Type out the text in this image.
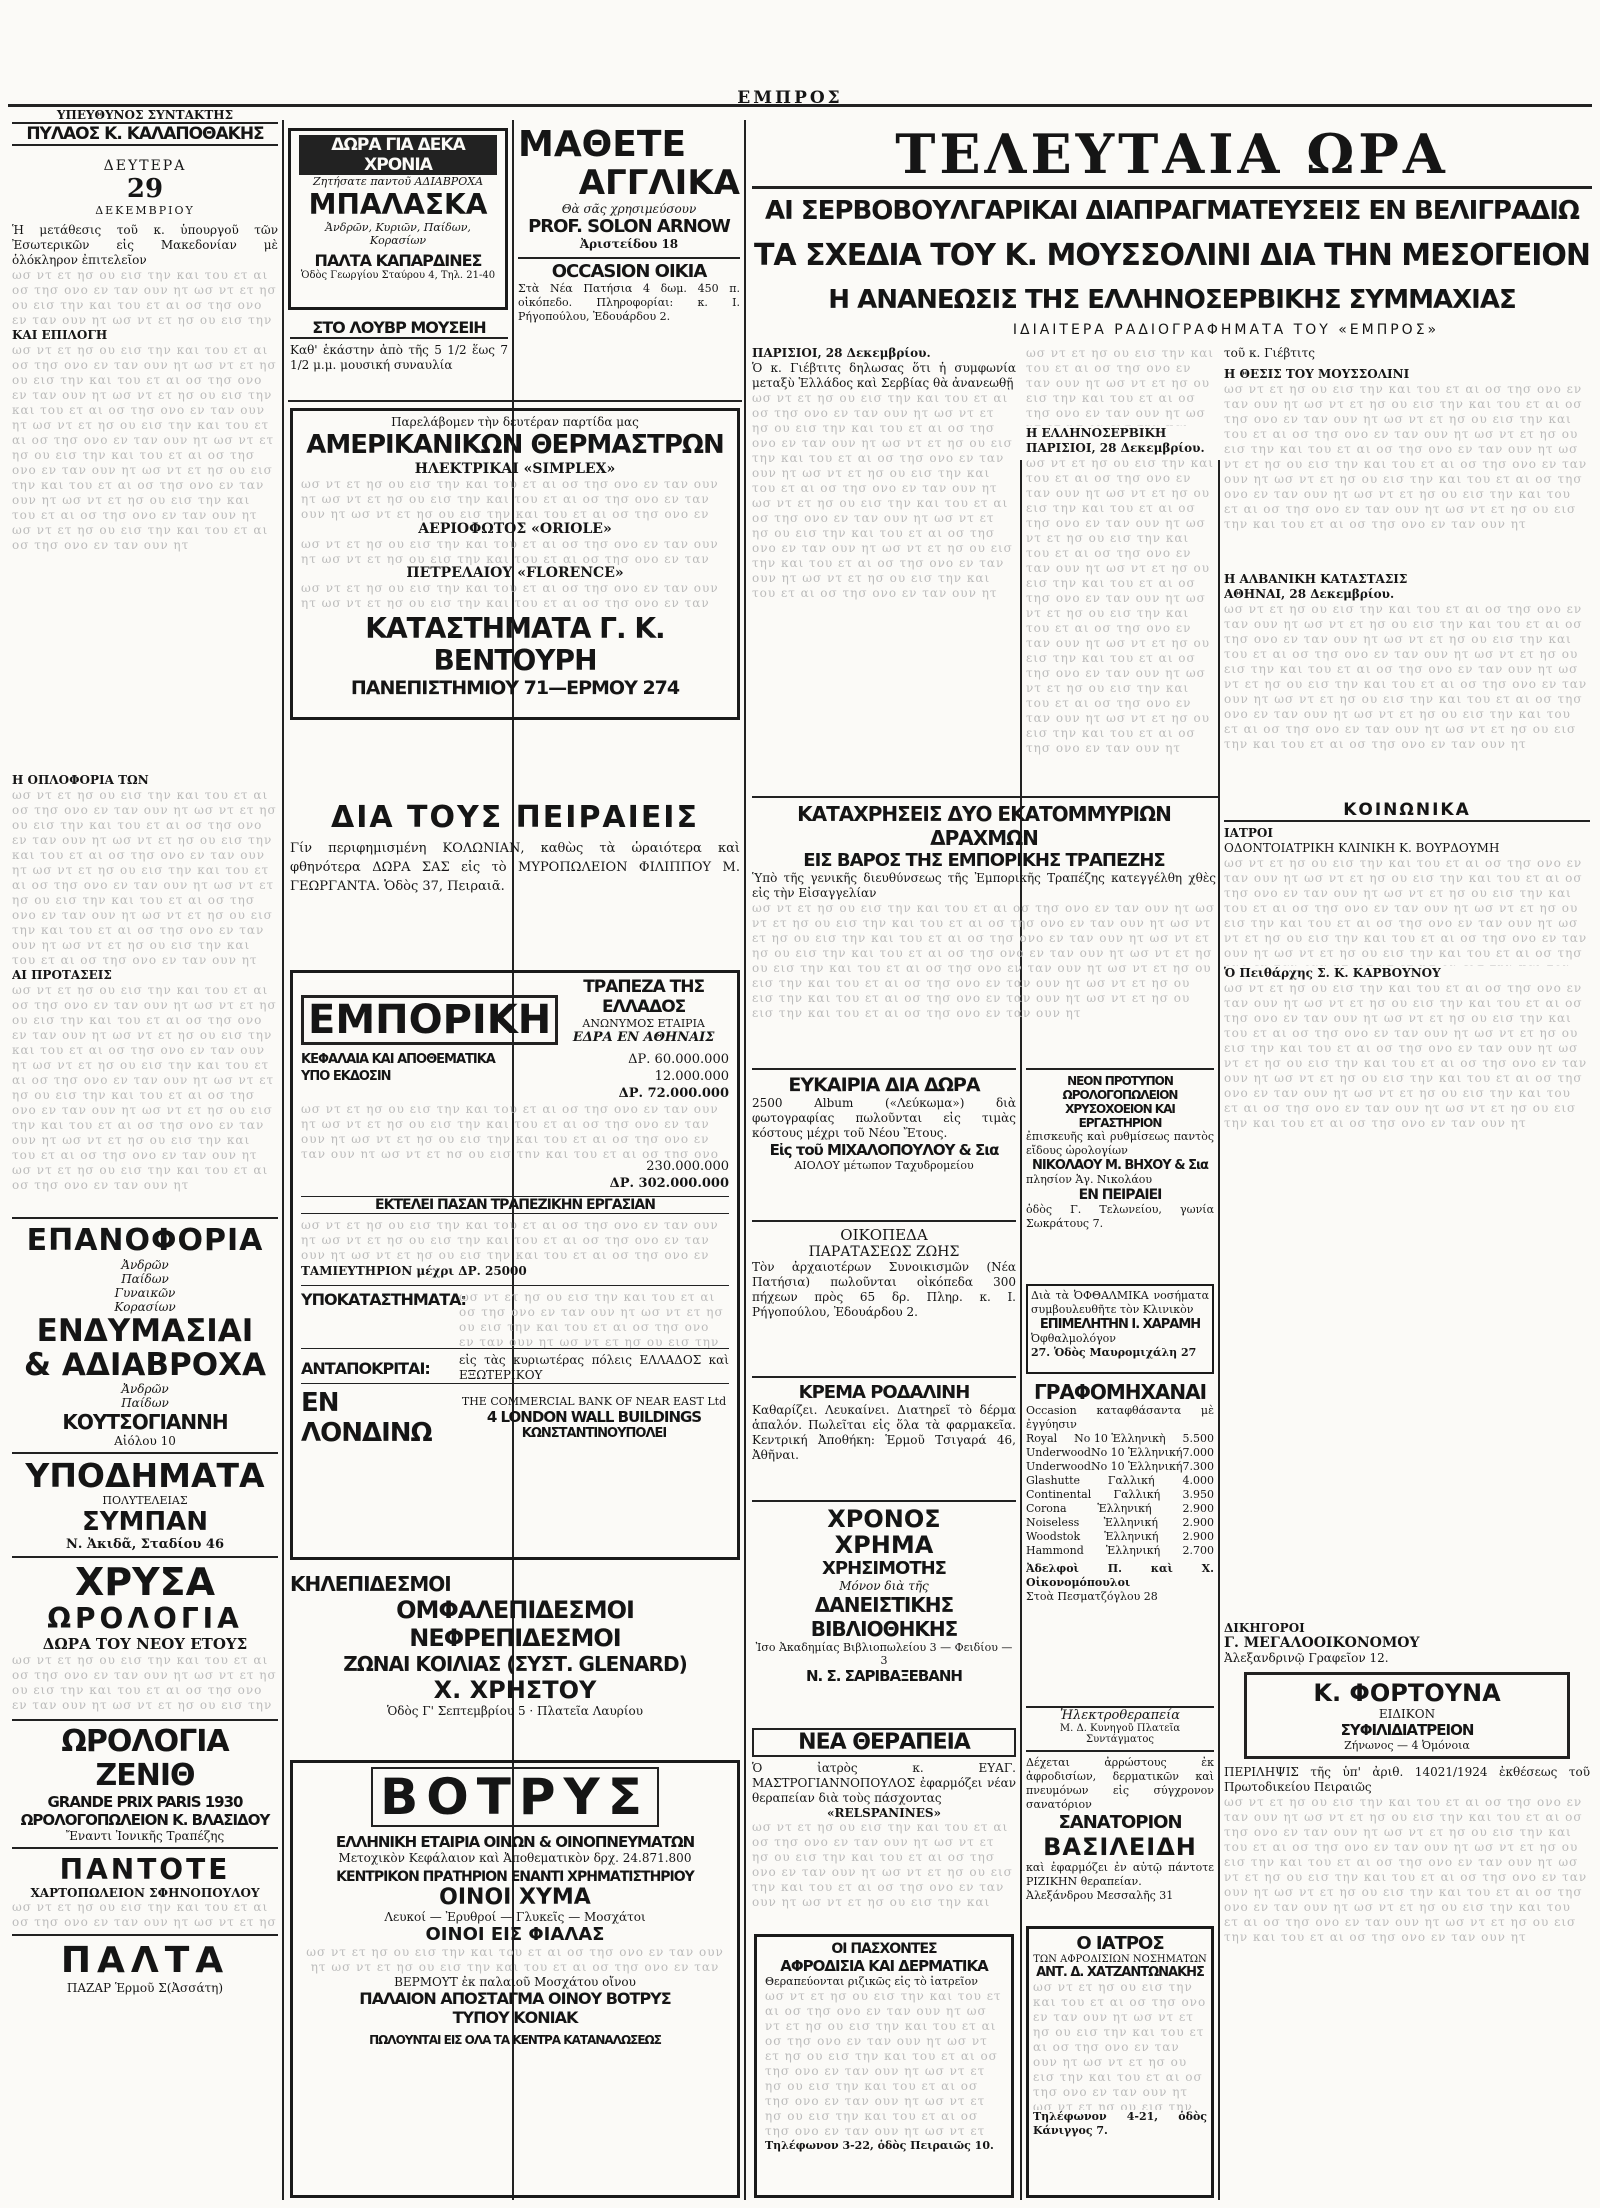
ΕΜΠΡΟΣ
ΥΠΕΥΘΥΝΟΣ ΣΥΝΤΑΚΤΗΣ
ΠΥΛΑΟΣ Κ. ΚΑΛΑΠΟΘΑΚΗΣ
ΔΕΥΤΕΡΑ
29
ΔΕΚΕΜΒΡΙΟΥ
Ἡ μετάθεσις τοῦ κ. ὑπουργοῦ τῶν Ἐσωτερικῶν εἰς Μακεδονίαν μὲ ὁλόκληρον ἐπιτελεῖον
ωσ ντ ετ ησ ου εισ την και του ετ αι οσ τησ ονο εν ταν ουν ητ ωσ ντ ετ ησ ου εισ την και του ετ αι οσ τησ ονο εν ταν ουν ητ ωσ ντ ετ ησ ου εισ την και του ετ αι οσ τησ ονο εν ταν ουν ητ ωσ ντ ετ ησ ου εισ την και του ετ αι οσ τησ ονο εν ταν ουν ητ ωσ ντ ετ ησ ου εισ την και του ετ αι οσ τησ ονο εν ταν ουν ητ ωσ ντ ετ ησ ου εισ την και του ετ αι οσ τησ ονο εν ταν ουν ητ ωσ ντ ετ ησ ου εισ την και του ετ αι οσ τησ ονο εν ταν ουν ητ ωσ ντ ετ ησ ου εισ την και του ετ αι οσ τησ ονο εν ταν ουν ητ
ΚΑΙ ΕΠΙΛΟΓΗ
ωσ ντ ετ ησ ου εισ την και του ετ αι οσ τησ ονο εν ταν ουν ητ ωσ ντ ετ ησ ου εισ την και του ετ αι οσ τησ ονο εν ταν ουν ητ ωσ ντ ετ ησ ου εισ την και του ετ αι οσ τησ ονο εν ταν ουν ητ ωσ ντ ετ ησ ου εισ την και του ετ αι οσ τησ ονο εν ταν ουν ητ ωσ ντ ετ ησ ου εισ την και του ετ αι οσ τησ ονο εν ταν ουν ητ ωσ ντ ετ ησ ου εισ την και του ετ αι οσ τησ ονο εν ταν ουν ητ ωσ ντ ετ ησ ου εισ την και του ετ αι οσ τησ ονο εν ταν ουν ητ ωσ ντ ετ ησ ου εισ την και του ετ αι οσ τησ ονο εν ταν ουν ητ
Η ΟΠΛΟΦΟΡΙΑ ΤΩΝ
ωσ ντ ετ ησ ου εισ την και του ετ αι οσ τησ ονο εν ταν ουν ητ ωσ ντ ετ ησ ου εισ την και του ετ αι οσ τησ ονο εν ταν ουν ητ ωσ ντ ετ ησ ου εισ την και του ετ αι οσ τησ ονο εν ταν ουν ητ ωσ ντ ετ ησ ου εισ την και του ετ αι οσ τησ ονο εν ταν ουν ητ ωσ ντ ετ ησ ου εισ την και του ετ αι οσ τησ ονο εν ταν ουν ητ ωσ ντ ετ ησ ου εισ την και του ετ αι οσ τησ ονο εν ταν ουν ητ ωσ ντ ετ ησ ου εισ την και του ετ αι οσ τησ ονο εν ταν ουν ητ ωσ ντ ετ ησ ου εισ την και του ετ αι οσ τησ ονο εν ταν ουν ητ
ΑΙ ΠΡΟΤΑΣΕΙΣ
ωσ ντ ετ ησ ου εισ την και του ετ αι οσ τησ ονο εν ταν ουν ητ ωσ ντ ετ ησ ου εισ την και του ετ αι οσ τησ ονο εν ταν ουν ητ ωσ ντ ετ ησ ου εισ την και του ετ αι οσ τησ ονο εν ταν ουν ητ ωσ ντ ετ ησ ου εισ την και του ετ αι οσ τησ ονο εν ταν ουν ητ ωσ ντ ετ ησ ου εισ την και του ετ αι οσ τησ ονο εν ταν ουν ητ ωσ ντ ετ ησ ου εισ την και του ετ αι οσ τησ ονο εν ταν ουν ητ ωσ ντ ετ ησ ου εισ την και του ετ αι οσ τησ ονο εν ταν ουν ητ ωσ ντ ετ ησ ου εισ την και του ετ αι οσ τησ ονο εν ταν ουν ητ
ΕΠΑΝΟΦΟΡΙΑ
Ἀνδρῶν
Παίδων
Γυναικῶν
Κορασίων
ΕΝΔΥΜΑΣΙΑΙ
& ΑΔΙΑΒΡΟΧΑ
Ἀνδρῶν
Παίδων
ΚΟΥΤΣΟΓΙΑΝΝΗ
Αἰόλου 10
ΥΠΟΔΗΜΑΤΑ
ΠΟΛΥΤΕΛΕΙΑΣ
ΣΥΜΠΑΝ
Ν. Ἀκιδᾶ, Σταδίου 46
ΧΡΥΣΑ
ΩΡΟΛΟΓΙΑ
ΔΩΡΑ ΤΟΥ ΝΕΟΥ ΕΤΟΥΣ
ωσ ντ ετ ησ ου εισ την και του ετ αι οσ τησ ονο εν ταν ουν ητ ωσ ντ ετ ησ ου εισ την και του ετ αι οσ τησ ονο εν ταν ουν ητ ωσ ντ ετ ησ ου εισ την και του ετ αι οσ τησ ονο εν ταν ουν ητ ωσ ντ ετ ησ ου εισ την και του ετ αι οσ τησ ονο εν ταν ουν ητ ωσ ντ ετ ησ ου εισ την και του ετ αι οσ τησ ονο εν ταν ουν ητ ωσ ντ ετ ησ ου εισ την και του ετ αι οσ τησ ονο εν ταν ουν ητ ωσ ντ ετ ησ ου εισ την και του ετ αι οσ τησ ονο εν ταν ουν ητ ωσ ντ ετ ησ ου εισ την και του ετ αι οσ τησ ονο εν ταν ουν ητ
ΩΡΟΛΟΓΙΑ ΖΕΝΙΘ
GRANDE PRIX PARIS 1930
ΩΡΟΛΟΓΟΠΩΛΕΙΟΝ Κ. ΒΛΑΣΙΔΟΥ
Ἔναντι Ἰονικῆς Τραπέζης
ΠΑΝΤΟΤΕ
ΧΑΡΤΟΠΩΛΕΙΟΝ ΣΦΗΝΟΠΟΥΛΟΥ
ωσ ντ ετ ησ ου εισ την και του ετ αι οσ τησ ονο εν ταν ουν ητ ωσ ντ ετ ησ ου εισ την και του ετ αι οσ τησ ονο εν ταν ουν ητ ωσ ντ ετ ησ ου εισ την και του ετ αι οσ τησ ονο εν ταν ουν ητ ωσ ντ ετ ησ ου εισ την και του ετ αι οσ τησ ονο εν ταν ουν ητ ωσ ντ ετ ησ ου εισ την και του ετ αι οσ τησ ονο εν ταν ουν ητ ωσ ντ ετ ησ ου εισ την και του ετ αι οσ τησ ονο εν ταν ουν ητ ωσ ντ ετ ησ ου εισ την και του ετ αι οσ τησ ονο εν ταν ουν ητ ωσ ντ ετ ησ ου εισ την και του ετ αι οσ τησ ονο εν ταν ουν ητ
ΠΑΛΤΑ
ΠΑΖΑΡ Ἑρμοῦ Σ(Ἀσσάτη)
ΔΩΡΑ ΓΙΑ ΔΕΚΑ ΧΡΟΝΙΑ
Ζητήσατε παντοῦ ΑΔΙΑΒΡΟΧΑ
ΜΠΑΛΑΣΚΑ
Ἀνδρῶν, Κυριῶν, Παίδων, Κορασίων
ΠΑΛΤΑ ΚΑΠΑΡΔΙΝΕΣ
Ὁδὸς Γεωργίου Σταύρου 4, Τηλ. 21-40
ΣΤΟ ΛΟΥΒΡ ΜΟΥΣΕΙΗ
Καθ' ἑκάστην ἀπὸ τῆς 5 1/2 ἕως 7 1/2 μ.μ. μουσική συναυλία
Παρελάβομεν τὴν δευτέραν παρτίδα μας
ΑΜΕΡΙΚΑΝΙΚΩΝ ΘΕΡΜΑΣΤΡΩΝ
ΗΛΕΚΤΡΙΚΑΙ «SIMPLEX»
ωσ ντ ετ ησ ου εισ την και του ετ αι οσ τησ ονο εν ταν ουν ητ ωσ ντ ετ ησ ου εισ την και του ετ αι οσ τησ ονο εν ταν ουν ητ ωσ ντ ετ ησ ου εισ την και του ετ αι οσ τησ ονο εν ταν ουν ητ ωσ ντ ετ ησ ου εισ την και του ετ αι οσ τησ ονο εν ταν ουν ητ ωσ ντ ετ ησ ου εισ την και του ετ αι οσ τησ ονο εν ταν ουν ητ ωσ ντ ετ ησ ου εισ την και του ετ αι οσ τησ ονο εν ταν ουν ητ ωσ ντ ετ ησ ου εισ την και του ετ αι οσ τησ ονο εν ταν ουν ητ ωσ ντ ετ ησ ου εισ την και του ετ αι οσ τησ ονο εν ταν ουν ητ
ΑΕΡΙΟΦΩΤΟΣ «ORIOLE»
ωσ ντ ετ ησ ου εισ την και του ετ αι οσ τησ ονο εν ταν ουν ητ ωσ ντ ετ ησ ου εισ την και του ετ αι οσ τησ ονο εν ταν ουν ητ ωσ ντ ετ ησ ου εισ την και του ετ αι οσ τησ ονο εν ταν ουν ητ ωσ ντ ετ ησ ου εισ την και του ετ αι οσ τησ ονο εν ταν ουν ητ ωσ ντ ετ ησ ου εισ την και του ετ αι οσ τησ ονο εν ταν ουν ητ ωσ ντ ετ ησ ου εισ την και του ετ αι οσ τησ ονο εν ταν ουν ητ ωσ ντ ετ ησ ου εισ την και του ετ αι οσ τησ ονο εν ταν ουν ητ ωσ ντ ετ ησ ου εισ την και του ετ αι οσ τησ ονο εν ταν ουν ητ
ΠΕΤΡΕΛΑΙΟΥ «FLORENCE»
ωσ ντ ετ ησ ου εισ την και του ετ αι οσ τησ ονο εν ταν ουν ητ ωσ ντ ετ ησ ου εισ την και του ετ αι οσ τησ ονο εν ταν ουν ητ ωσ ντ ετ ησ ου εισ την και του ετ αι οσ τησ ονο εν ταν ουν ητ ωσ ντ ετ ησ ου εισ την και του ετ αι οσ τησ ονο εν ταν ουν ητ ωσ ντ ετ ησ ου εισ την και του ετ αι οσ τησ ονο εν ταν ουν ητ ωσ ντ ετ ησ ου εισ την και του ετ αι οσ τησ ονο εν ταν ουν ητ ωσ ντ ετ ησ ου εισ την και του ετ αι οσ τησ ονο εν ταν ουν ητ ωσ ντ ετ ησ ου εισ την και του ετ αι οσ τησ ονο εν ταν ουν ητ
ΚΑΤΑΣΤΗΜΑΤΑ Γ. Κ. ΒΕΝΤΟΥΡΗ
ΠΑΝΕΠΙΣΤΗΜΙΟΥ 71—ΕΡΜΟΥ 274
ΔΙΑ ΤΟΥΣ ΠΕΙΡΑΙΕΙΣ
Γίν περιφημισμένη ΚΟΛΩΝΙΑΝ, καθὼς τὰ ὡραιότερα καὶ φθηνότερα ΔΩΡΑ ΣΑΣ εἰς τὸ ΜΥΡΟΠΩΛΕΙΟΝ ΦΙΛΙΠΠΟΥ Μ. ΓΕΩΡΓΑΝΤΑ. Ὁδὸς 37, Πειραιᾶ.
ΕΜΠΟΡΙΚΗ
ΤΡΑΠΕΖΑ ΤΗΣ ΕΛΛΑΔΟΣ
ΑΝΩΝΥΜΟΣ ΕΤΑΙΡΙΑ
ΕΔΡΑ ΕΝ ΑΘΗΝΑΙΣ
ΚΕΦΑΛΑΙΑ ΚΑΙ ΑΠΟΘΕΜΑΤΙΚΑ	ΔΡ. 60.000.000
ΥΠΟ ΕΚΔΟΣΙΝ	12.000.000
ΔΡ. 72.000.000
ωσ ντ ετ ησ ου εισ την και του ετ αι οσ τησ ονο εν ταν ουν ητ ωσ ντ ετ ησ ου εισ την και του ετ αι οσ τησ ονο εν ταν ουν ητ ωσ ντ ετ ησ ου εισ την και του ετ αι οσ τησ ονο εν ταν ουν ητ ωσ ντ ετ ησ ου εισ την και του ετ αι οσ τησ ονο εν ταν ουν ητ ωσ ντ ετ ησ ου εισ την και του ετ αι οσ τησ ονο εν ταν ουν ητ ωσ ντ ετ ησ ου εισ την και του ετ αι οσ τησ ονο εν ταν ουν ητ ωσ ντ ετ ησ ου εισ την και του ετ αι οσ τησ ονο εν ταν ουν ητ ωσ ντ ετ ησ ου εισ την και του ετ αι οσ τησ ονο εν ταν ουν ητ
230.000.000
ΔΡ. 302.000.000
ΕΚΤΕΛΕΙ ΠΑΣΑΝ ΤΡΑΠΕΖΙΚΗΝ ΕΡΓΑΣΙΑΝ
ωσ ντ ετ ησ ου εισ την και του ετ αι οσ τησ ονο εν ταν ουν ητ ωσ ντ ετ ησ ου εισ την και του ετ αι οσ τησ ονο εν ταν ουν ητ ωσ ντ ετ ησ ου εισ την και του ετ αι οσ τησ ονο εν ταν ουν ητ ωσ ντ ετ ησ ου εισ την και του ετ αι οσ τησ ονο εν ταν ουν ητ ωσ ντ ετ ησ ου εισ την και του ετ αι οσ τησ ονο εν ταν ουν ητ ωσ ντ ετ ησ ου εισ την και του ετ αι οσ τησ ονο εν ταν ουν ητ ωσ ντ ετ ησ ου εισ την και του ετ αι οσ τησ ονο εν ταν ουν ητ ωσ ντ ετ ησ ου εισ την και του ετ αι οσ τησ ονο εν ταν ουν ητ
ΤΑΜΙΕΥΤΗΡΙΟΝ μέχρι ΔΡ. 25000
ΥΠΟΚΑΤΑΣΤΗΜΑΤΑ:
ωσ ντ ετ ησ ου εισ την και του ετ αι οσ τησ ονο εν ταν ουν ητ ωσ ντ ετ ησ ου εισ την και του ετ αι οσ τησ ονο εν ταν ουν ητ ωσ ντ ετ ησ ου εισ την και του ετ αι οσ τησ ονο εν ταν ουν ητ ωσ ντ ετ ησ ου εισ την και του ετ αι οσ τησ ονο εν ταν ουν ητ ωσ ντ ετ ησ ου εισ την και του ετ αι οσ τησ ονο εν ταν ουν ητ ωσ ντ ετ ησ ου εισ την και του ετ αι οσ τησ ονο εν ταν ουν ητ ωσ ντ ετ ησ ου εισ την και του ετ αι οσ τησ ονο εν ταν ουν ητ ωσ ντ ετ ησ ου εισ την και του ετ αι οσ τησ ονο εν ταν ουν ητ
ΑΝΤΑΠΟΚΡΙΤΑΙ:	εἰς τὰς κυριωτέρας πόλεις ΕΛΛΑΔΟΣ καὶ ΕΞΩΤΕΡΙΚΟΥ
ΕΝ ΛΟΝΔΙΝΩ
THE COMMERCIAL BANK OF NEAR EAST Ltd
4 LONDON WALL BUILDINGS
ΚΩΝΣΤΑΝΤΙΝΟΥΠΟΛΕΙ
ΚΗΛΕΠΙΔΕΣΜΟΙ
ΟΜΦΑΛΕΠΙΔΕΣΜΟΙ
ΝΕΦΡΕΠΙΔΕΣΜΟΙ
ΖΩΝΑΙ ΚΟΙΛΙΑΣ (ΣΥΣΤ. GLENARD)
Χ. ΧΡΗΣΤΟΥ
Ὁδὸς Γ' Σεπτεμβρίου 5 · Πλατεῖα Λαυρίου
ΒΟΤΡΥΣ
ΕΛΛΗΝΙΚΗ ΕΤΑΙΡΙΑ ΟΙΝΩΝ & ΟΙΝΟΠΝΕΥΜΑΤΩΝ
Μετοχικὸν Κεφάλαιον καὶ Ἀποθεματικὸν δρχ. 24.871.800
ΚΕΝΤΡΙΚΟΝ ΠΡΑΤΗΡΙΟΝ ΕΝΑΝΤΙ ΧΡΗΜΑΤΙΣΤΗΡΙΟΥ
ΟΙΝΟΙ ΧΥΜΑ
Λευκοί — Ἐρυθροί — Γλυκεῖς — Μοσχάτοι
ΟΙΝΟΙ ΕΙΣ ΦΙΑΛΑΣ
ωσ ντ ετ ησ ου εισ την και του ετ αι οσ τησ ονο εν ταν ουν ητ ωσ ντ ετ ησ ου εισ την και του ετ αι οσ τησ ονο εν ταν ουν ητ ωσ ντ ετ ησ ου εισ την και του ετ αι οσ τησ ονο εν ταν ουν ητ ωσ ντ ετ ησ ου εισ την και του ετ αι οσ τησ ονο εν ταν ουν ητ ωσ ντ ετ ησ ου εισ την και του ετ αι οσ τησ ονο εν ταν ουν ητ ωσ ντ ετ ησ ου εισ την και του ετ αι οσ τησ ονο εν ταν ουν ητ ωσ ντ ετ ησ ου εισ την και του ετ αι οσ τησ ονο εν ταν ουν ητ ωσ ντ ετ ησ ου εισ την και του ετ αι οσ τησ ονο εν ταν ουν ητ
ΒΕΡΜΟΥΤ ἐκ παλαιοῦ Μοσχάτου οἴνου
ΠΑΛΑΙΟΝ ΑΠΟΣΤΑΓΜΑ ΟΙΝΟΥ ΒΟΤΡΥΣ
ΤΥΠΟΥ ΚΟΝΙΑΚ
ΠΩΛΟΥΝΤΑΙ ΕΙΣ ΟΛΑ ΤΑ ΚΕΝΤΡΑ ΚΑΤΑΝΑΛΩΣΕΩΣ
ΜΑΘΕΤΕ
ΑΓΓΛΙΚΑ
Θὰ σᾶς χρησιμεύσουν
PROF. SOLON ARNOW
Ἀριστείδου 18
OCCASION ΟΙΚΙΑ
Στὰ Νέα Πατήσια 4 δωμ. 450 π. οἰκόπεδο. Πληροφορίαι: κ. Ι. Ρήγοπούλου, Ἐδουάρδου 2.
ΤΕΛΕΥΤΑΙΑ ΩΡΑ
ΑΙ ΣΕΡΒΟΒΟΥΛΓΑΡΙΚΑΙ ΔΙΑΠΡΑΓΜΑΤΕΥΣΕΙΣ ΕΝ ΒΕΛΙΓΡΑΔΙΩ
ΤΑ ΣΧΕΔΙΑ ΤΟΥ Κ. ΜΟΥΣΣΟΛΙΝΙ ΔΙΑ ΤΗΝ ΜΕΣΟΓΕΙΟΝ
Η ΑΝΑΝΕΩΣΙΣ ΤΗΣ ΕΛΛΗΝΟΣΕΡΒΙΚΗΣ ΣΥΜΜΑΧΙΑΣ
ΙΔΙΑΙΤΕΡΑ ΡΑΔΙΟΓΡΑΦΗΜΑΤΑ ΤΟΥ «ΕΜΠΡΟΣ»
ΠΑΡΙΣΙΟΙ, 28 Δεκεμβρίου.
Ὁ κ. Γιέβτιτς δηλωσας ὅτι ἡ συμφωνία μεταξὺ Ἑλλάδος καὶ Σερβίας θὰ ἀνανεωθῇ
ωσ ντ ετ ησ ου εισ την και του ετ αι οσ τησ ονο εν ταν ουν ητ ωσ ντ ετ ησ ου εισ την και του ετ αι οσ τησ ονο εν ταν ουν ητ ωσ ντ ετ ησ ου εισ την και του ετ αι οσ τησ ονο εν ταν ουν ητ ωσ ντ ετ ησ ου εισ την και του ετ αι οσ τησ ονο εν ταν ουν ητ ωσ ντ ετ ησ ου εισ την και του ετ αι οσ τησ ονο εν ταν ουν ητ ωσ ντ ετ ησ ου εισ την και του ετ αι οσ τησ ονο εν ταν ουν ητ ωσ ντ ετ ησ ου εισ την και του ετ αι οσ τησ ονο εν ταν ουν ητ ωσ ντ ετ ησ ου εισ την και του ετ αι οσ τησ ονο εν ταν ουν ητ
ωσ ντ ετ ησ ου εισ την και του ετ αι οσ τησ ονο εν ταν ουν ητ ωσ ντ ετ ησ ου εισ την και του ετ αι οσ τησ ονο εν ταν ουν ητ ωσ ντ ετ ησ ου εισ την και του ετ αι οσ τησ ονο εν ταν ουν ητ ωσ ντ ετ ησ ου εισ την και του ετ αι οσ τησ ονο εν ταν ουν ητ ωσ ντ ετ ησ ου εισ την και του ετ αι οσ τησ ονο εν ταν ουν ητ ωσ ντ ετ ησ ου εισ την και του ετ αι οσ τησ ονο εν ταν ουν ητ ωσ ντ ετ ησ ου εισ την και του ετ αι οσ τησ ονο εν ταν ουν ητ ωσ ντ ετ ησ ου εισ την και του ετ αι οσ τησ ονο εν ταν ουν ητ
Η ΕΛΛΗΝΟΣΕΡΒΙΚΗ
ΠΑΡΙΣΙΟΙ, 28 Δεκεμβρίου.
ωσ ντ ετ ησ ου εισ την και του ετ αι οσ τησ ονο εν ταν ουν ητ ωσ ντ ετ ησ ου εισ την και του ετ αι οσ τησ ονο εν ταν ουν ητ ωσ ντ ετ ησ ου εισ την και του ετ αι οσ τησ ονο εν ταν ουν ητ ωσ ντ ετ ησ ου εισ την και του ετ αι οσ τησ ονο εν ταν ουν ητ ωσ ντ ετ ησ ου εισ την και του ετ αι οσ τησ ονο εν ταν ουν ητ ωσ ντ ετ ησ ου εισ την και του ετ αι οσ τησ ονο εν ταν ουν ητ ωσ ντ ετ ησ ου εισ την και του ετ αι οσ τησ ονο εν ταν ουν ητ ωσ ντ ετ ησ ου εισ την και του ετ αι οσ τησ ονο εν ταν ουν ητ
τοῦ κ. Γιέβτιτς
Η ΘΕΣΙΣ ΤΟΥ ΜΟΥΣΣΟΛΙΝΙ
ωσ ντ ετ ησ ου εισ την και του ετ αι οσ τησ ονο εν ταν ουν ητ ωσ ντ ετ ησ ου εισ την και του ετ αι οσ τησ ονο εν ταν ουν ητ ωσ ντ ετ ησ ου εισ την και του ετ αι οσ τησ ονο εν ταν ουν ητ ωσ ντ ετ ησ ου εισ την και του ετ αι οσ τησ ονο εν ταν ουν ητ ωσ ντ ετ ησ ου εισ την και του ετ αι οσ τησ ονο εν ταν ουν ητ ωσ ντ ετ ησ ου εισ την και του ετ αι οσ τησ ονο εν ταν ουν ητ ωσ ντ ετ ησ ου εισ την και του ετ αι οσ τησ ονο εν ταν ουν ητ ωσ ντ ετ ησ ου εισ την και του ετ αι οσ τησ ονο εν ταν ουν ητ
Η ΑΛΒΑΝΙΚΗ ΚΑΤΑΣΤΑΣΙΣ
ΑΘΗΝΑΙ, 28 Δεκεμβρίου.
ωσ ντ ετ ησ ου εισ την και του ετ αι οσ τησ ονο εν ταν ουν ητ ωσ ντ ετ ησ ου εισ την και του ετ αι οσ τησ ονο εν ταν ουν ητ ωσ ντ ετ ησ ου εισ την και του ετ αι οσ τησ ονο εν ταν ουν ητ ωσ ντ ετ ησ ου εισ την και του ετ αι οσ τησ ονο εν ταν ουν ητ ωσ ντ ετ ησ ου εισ την και του ετ αι οσ τησ ονο εν ταν ουν ητ ωσ ντ ετ ησ ου εισ την και του ετ αι οσ τησ ονο εν ταν ουν ητ ωσ ντ ετ ησ ου εισ την και του ετ αι οσ τησ ονο εν ταν ουν ητ ωσ ντ ετ ησ ου εισ την και του ετ αι οσ τησ ονο εν ταν ουν ητ
ΚΑΤΑΧΡΗΣΕΙΣ ΔΥΟ ΕΚΑΤΟΜΜΥΡΙΩΝ ΔΡΑΧΜΩΝ
ΕΙΣ ΒΑΡΟΣ ΤΗΣ ΕΜΠΟΡΙΚΗΣ ΤΡΑΠΕΖΗΣ
Ὑπὸ τῆς γενικῆς διευθύνσεως τῆς Ἐμπορικῆς Τραπέζης κατεγγέλθη χθὲς εἰς τὴν Εἰσαγγελίαν
ωσ ντ ετ ησ ου εισ την και του ετ αι οσ τησ ονο εν ταν ουν ητ ωσ ντ ετ ησ ου εισ την και του ετ αι οσ τησ ονο εν ταν ουν ητ ωσ ντ ετ ησ ου εισ την και του ετ αι οσ τησ ονο εν ταν ουν ητ ωσ ντ ετ ησ ου εισ την και του ετ αι οσ τησ ονο εν ταν ουν ητ ωσ ντ ετ ησ ου εισ την και του ετ αι οσ τησ ονο εν ταν ουν ητ ωσ ντ ετ ησ ου εισ την και του ετ αι οσ τησ ονο εν ταν ουν ητ ωσ ντ ετ ησ ου εισ την και του ετ αι οσ τησ ονο εν ταν ουν ητ ωσ ντ ετ ησ ου εισ την και του ετ αι οσ τησ ονο εν ταν ουν ητ
ΚΟΙΝΩΝΙΚΑ
ΙΑΤΡΟΙ
ΟΔΟΝΤΟΙΑΤΡΙΚΗ ΚΛΙΝΙΚΗ Κ. ΒΟΥΡΔΟΥΜΗ
ωσ ντ ετ ησ ου εισ την και του ετ αι οσ τησ ονο εν ταν ουν ητ ωσ ντ ετ ησ ου εισ την και του ετ αι οσ τησ ονο εν ταν ουν ητ ωσ ντ ετ ησ ου εισ την και του ετ αι οσ τησ ονο εν ταν ουν ητ ωσ ντ ετ ησ ου εισ την και του ετ αι οσ τησ ονο εν ταν ουν ητ ωσ ντ ετ ησ ου εισ την και του ετ αι οσ τησ ονο εν ταν ουν ητ ωσ ντ ετ ησ ου εισ την και του ετ αι οσ τησ ονο εν ταν ουν ητ ωσ ντ ετ ησ ου εισ την και του ετ αι οσ τησ ονο εν ταν ουν ητ ωσ ντ ετ ησ ου εισ την και του ετ αι οσ τησ ονο εν ταν ουν ητ
Ὁ Πειθάρχης Σ. Κ. ΚΑΡΒΟΥΝΟΥ
ωσ ντ ετ ησ ου εισ την και του ετ αι οσ τησ ονο εν ταν ουν ητ ωσ ντ ετ ησ ου εισ την και του ετ αι οσ τησ ονο εν ταν ουν ητ ωσ ντ ετ ησ ου εισ την και του ετ αι οσ τησ ονο εν ταν ουν ητ ωσ ντ ετ ησ ου εισ την και του ετ αι οσ τησ ονο εν ταν ουν ητ ωσ ντ ετ ησ ου εισ την και του ετ αι οσ τησ ονο εν ταν ουν ητ ωσ ντ ετ ησ ου εισ την και του ετ αι οσ τησ ονο εν ταν ουν ητ ωσ ντ ετ ησ ου εισ την και του ετ αι οσ τησ ονο εν ταν ουν ητ ωσ ντ ετ ησ ου εισ την και του ετ αι οσ τησ ονο εν ταν ουν ητ
ΔΙΚΗΓΟΡΟΙ
Γ. ΜΕΓΑΛΟΟΙΚΟΝΟΜΟΥ
Ἀλεξανδρινῷ Γραφεῖον 12.
Κ. ΦΟΡΤΟΥΝΑ
ΕΙΔΙΚΟΝ
ΣΥΦΙΛΙΔΙΑΤΡΕΙΟΝ
Ζήνωνος — 4 Ὀμόνοια
ΠΕΡΙΛΗΨΙΣ τῆς ὑπ' ἀριθ. 14021/1924 ἐκθέσεως τοῦ Πρωτοδικείου Πειραιῶς
ωσ ντ ετ ησ ου εισ την και του ετ αι οσ τησ ονο εν ταν ουν ητ ωσ ντ ετ ησ ου εισ την και του ετ αι οσ τησ ονο εν ταν ουν ητ ωσ ντ ετ ησ ου εισ την και του ετ αι οσ τησ ονο εν ταν ουν ητ ωσ ντ ετ ησ ου εισ την και του ετ αι οσ τησ ονο εν ταν ουν ητ ωσ ντ ετ ησ ου εισ την και του ετ αι οσ τησ ονο εν ταν ουν ητ ωσ ντ ετ ησ ου εισ την και του ετ αι οσ τησ ονο εν ταν ουν ητ ωσ ντ ετ ησ ου εισ την και του ετ αι οσ τησ ονο εν ταν ουν ητ ωσ ντ ετ ησ ου εισ την και του ετ αι οσ τησ ονο εν ταν ουν ητ
ΕΥΚΑΙΡΙΑ ΔΙΑ ΔΩΡΑ
2500 Album («Λεύκωμα») διὰ φωτογραφίας πωλοῦνται εἰς τιμὰς κόστους μέχρι τοῦ Νέου Ἔτους.
Εἰς τοῦ ΜΙΧΑΛΟΠΟΥΛΟΥ & Σια
ΑΙΟΛΟΥ μέτωπον Ταχυδρομείου
ΟΙΚΟΠΕΔΑ
ΠΑΡΑΤΑΣΕΩΣ ΖΩΗΣ
Τὸν ἀρχαιοτέρων Συνοικισμῶν (Νέα Πατήσια) πωλοῦνται οἰκόπεδα 300 πήχεων πρὸς 65 δρ. Πληρ. κ. Ι. Ρήγοπούλου, Ἐδουάρδου 2.
ΚΡΕΜΑ ΡΟΔΑΛΙΝΗ
Καθαρίζει. Λευκαίνει. Διατηρεῖ τὸ δέρμα ἁπαλόν. Πωλεῖται εἰς ὅλα τὰ φαρμακεῖα. Κεντρική Ἀποθήκη: Ἑρμοῦ Τσιγαρά 46, Ἀθῆναι.
ΧΡΟΝΟΣ
ΧΡΗΜΑ
ΧΡΗΣΙΜΟΤΗΣ
Μόνον διὰ τῆς
ΔΑΝΕΙΣΤΙΚΗΣ
ΒΙΒΛΙΟΘΗΚΗΣ
Ἰσο Ἀκαδημίας Βιβλιοπωλείου 3 — Φειδίου — 3
Ν. Σ. ΣΑΡΙΒΑΞΕΒΑΝΗ
ΝΕΑ ΘΕΡΑΠΕΙΑ
Ὁ ἰατρὸς κ. ΕΥΑΓ. ΜΑΣΤΡΟΓΙΑΝΝΟΠΟΥΛΟΣ ἐφαρμόζει νέαν θεραπείαν διὰ τοὺς πάσχοντας
«RELSPANINES»
ωσ ντ ετ ησ ου εισ την και του ετ αι οσ τησ ονο εν ταν ουν ητ ωσ ντ ετ ησ ου εισ την και του ετ αι οσ τησ ονο εν ταν ουν ητ ωσ ντ ετ ησ ου εισ την και του ετ αι οσ τησ ονο εν ταν ουν ητ ωσ ντ ετ ησ ου εισ την και του ετ αι οσ τησ ονο εν ταν ουν ητ ωσ ντ ετ ησ ου εισ την και του ετ αι οσ τησ ονο εν ταν ουν ητ ωσ ντ ετ ησ ου εισ την και του ετ αι οσ τησ ονο εν ταν ουν ητ ωσ ντ ετ ησ ου εισ την και του ετ αι οσ τησ ονο εν ταν ουν ητ ωσ ντ ετ ησ ου εισ την και του ετ αι οσ τησ ονο εν ταν ουν ητ
ΟΙ ΠΑΣΧΟΝΤΕΣ
ΑΦΡΟΔΙΣΙΑ ΚΑΙ ΔΕΡΜΑΤΙΚΑ
Θεραπεύονται ριζικῶς εἰς τὸ ἰατρεῖον
ωσ ντ ετ ησ ου εισ την και του ετ αι οσ τησ ονο εν ταν ουν ητ ωσ ντ ετ ησ ου εισ την και του ετ αι οσ τησ ονο εν ταν ουν ητ ωσ ντ ετ ησ ου εισ την και του ετ αι οσ τησ ονο εν ταν ουν ητ ωσ ντ ετ ησ ου εισ την και του ετ αι οσ τησ ονο εν ταν ουν ητ ωσ ντ ετ ησ ου εισ την και του ετ αι οσ τησ ονο εν ταν ουν ητ ωσ ντ ετ ησ ου εισ την και του ετ αι οσ τησ ονο εν ταν ουν ητ ωσ ντ ετ ησ ου εισ την και του ετ αι οσ τησ ονο εν ταν ουν ητ ωσ ντ ετ ησ ου εισ την και του ετ αι οσ τησ ονο εν ταν ουν ητ
Τηλέφωνον 3-22, ὁδὸς Πειραιῶς 10.
ΝΕΟΝ ΠΡΟΤΥΠΟΝ ΩΡΟΛΟΓΟΠΩΛΕΙΟΝ
ΧΡΥΣΟΧΟΕΙΟΝ ΚΑΙ ΕΡΓΑΣΤΗΡΙΟΝ
ἐπισκευῆς καὶ ρυθμίσεως παντὸς εἴδους ὡρολογίων
ΝΙΚΟΛΑΟΥ Μ. ΒΗΧΟΥ & Σια
πλησίον Ἁγ. Νικολάου
ΕΝ ΠΕΙΡΑΙΕΙ
ὁδὸς Γ. Τελωνείου, γωνία Σωκράτους 7.
Διὰ τὰ ὈΦΘΑΛΜΙΚΑ νοσήματα συμβουλευθῆτε τὸν Κλινικὸν
ΕΠΙΜΕΛΗΤΗΝ Ι. ΧΑΡΑΜΗ
Ὀφθαλμολόγον
27. Ὁδὸς Μαυρομιχάλη 27
ΓΡΑΦΟΜΗΧΑΝΑΙ
Occasion καταφθάσαντα μὲ ἐγγύησιν
Royal No 10 Ἑλληνικὴ 5.500
Underwood No 10 Ἑλληνική 7.000
Underwood No 10 Ἑλληνική 7.300
Glashutte	Γαλλική	4.000
Continental Γαλλική 3.950
Corona	Ἑλληνική	2.900
Noiseless Ἑλληνική 2.900
Woodstok Ἑλληνική 2.900
Hammond Ἑλληνική 2.700
Ἀδελφοὶ Π. καὶ Χ. Οἰκονομόπουλοι
Στοὰ Πεσματζόγλου 28
Ἠλεκτροθεραπεία
Μ. Δ. Κυνηγοῦ Πλατεῖα Συντάγματος
Δέχεται ἀρρώστους ἐκ ἀφροδισίων, δερματικῶν καὶ πνευμόνων εἰς σύγχρονον σανατόριον
ΣΑΝΑΤΟΡΙΟΝ
ΒΑΣΙΛΕΙΔΗ
καὶ ἐφαρμόζει ἐν αὐτῷ πάντοτε ΡΙΖΙΚΗΝ θεραπείαν.
Ἀλεξάνδρου Μεσσαλῆς 31
Ο ΙΑΤΡΟΣ
ΤΩΝ ΑΦΡΟΔΙΣΙΩΝ ΝΟΣΗΜΑΤΩΝ
ΑΝΤ. Δ. ΧΑΤΖΑΝΤΩΝΑΚΗΣ
ωσ ντ ετ ησ ου εισ την και του ετ αι οσ τησ ονο εν ταν ουν ητ ωσ ντ ετ ησ ου εισ την και του ετ αι οσ τησ ονο εν ταν ουν ητ ωσ ντ ετ ησ ου εισ την και του ετ αι οσ τησ ονο εν ταν ουν ητ ωσ ντ ετ ησ ου εισ την και του ετ αι οσ τησ ονο εν ταν ουν ητ ωσ ντ ετ ησ ου εισ την και του ετ αι οσ τησ ονο εν ταν ουν ητ ωσ ντ ετ ησ ου εισ την και του ετ αι οσ τησ ονο εν ταν ουν ητ ωσ ντ ετ ησ ου εισ την και του ετ αι οσ τησ ονο εν ταν ουν ητ ωσ ντ ετ ησ ου εισ την και του ετ αι οσ τησ ονο εν ταν ουν ητ
Τηλέφωνον 4-21, ὁδὸς Κάνιγγος 7.
